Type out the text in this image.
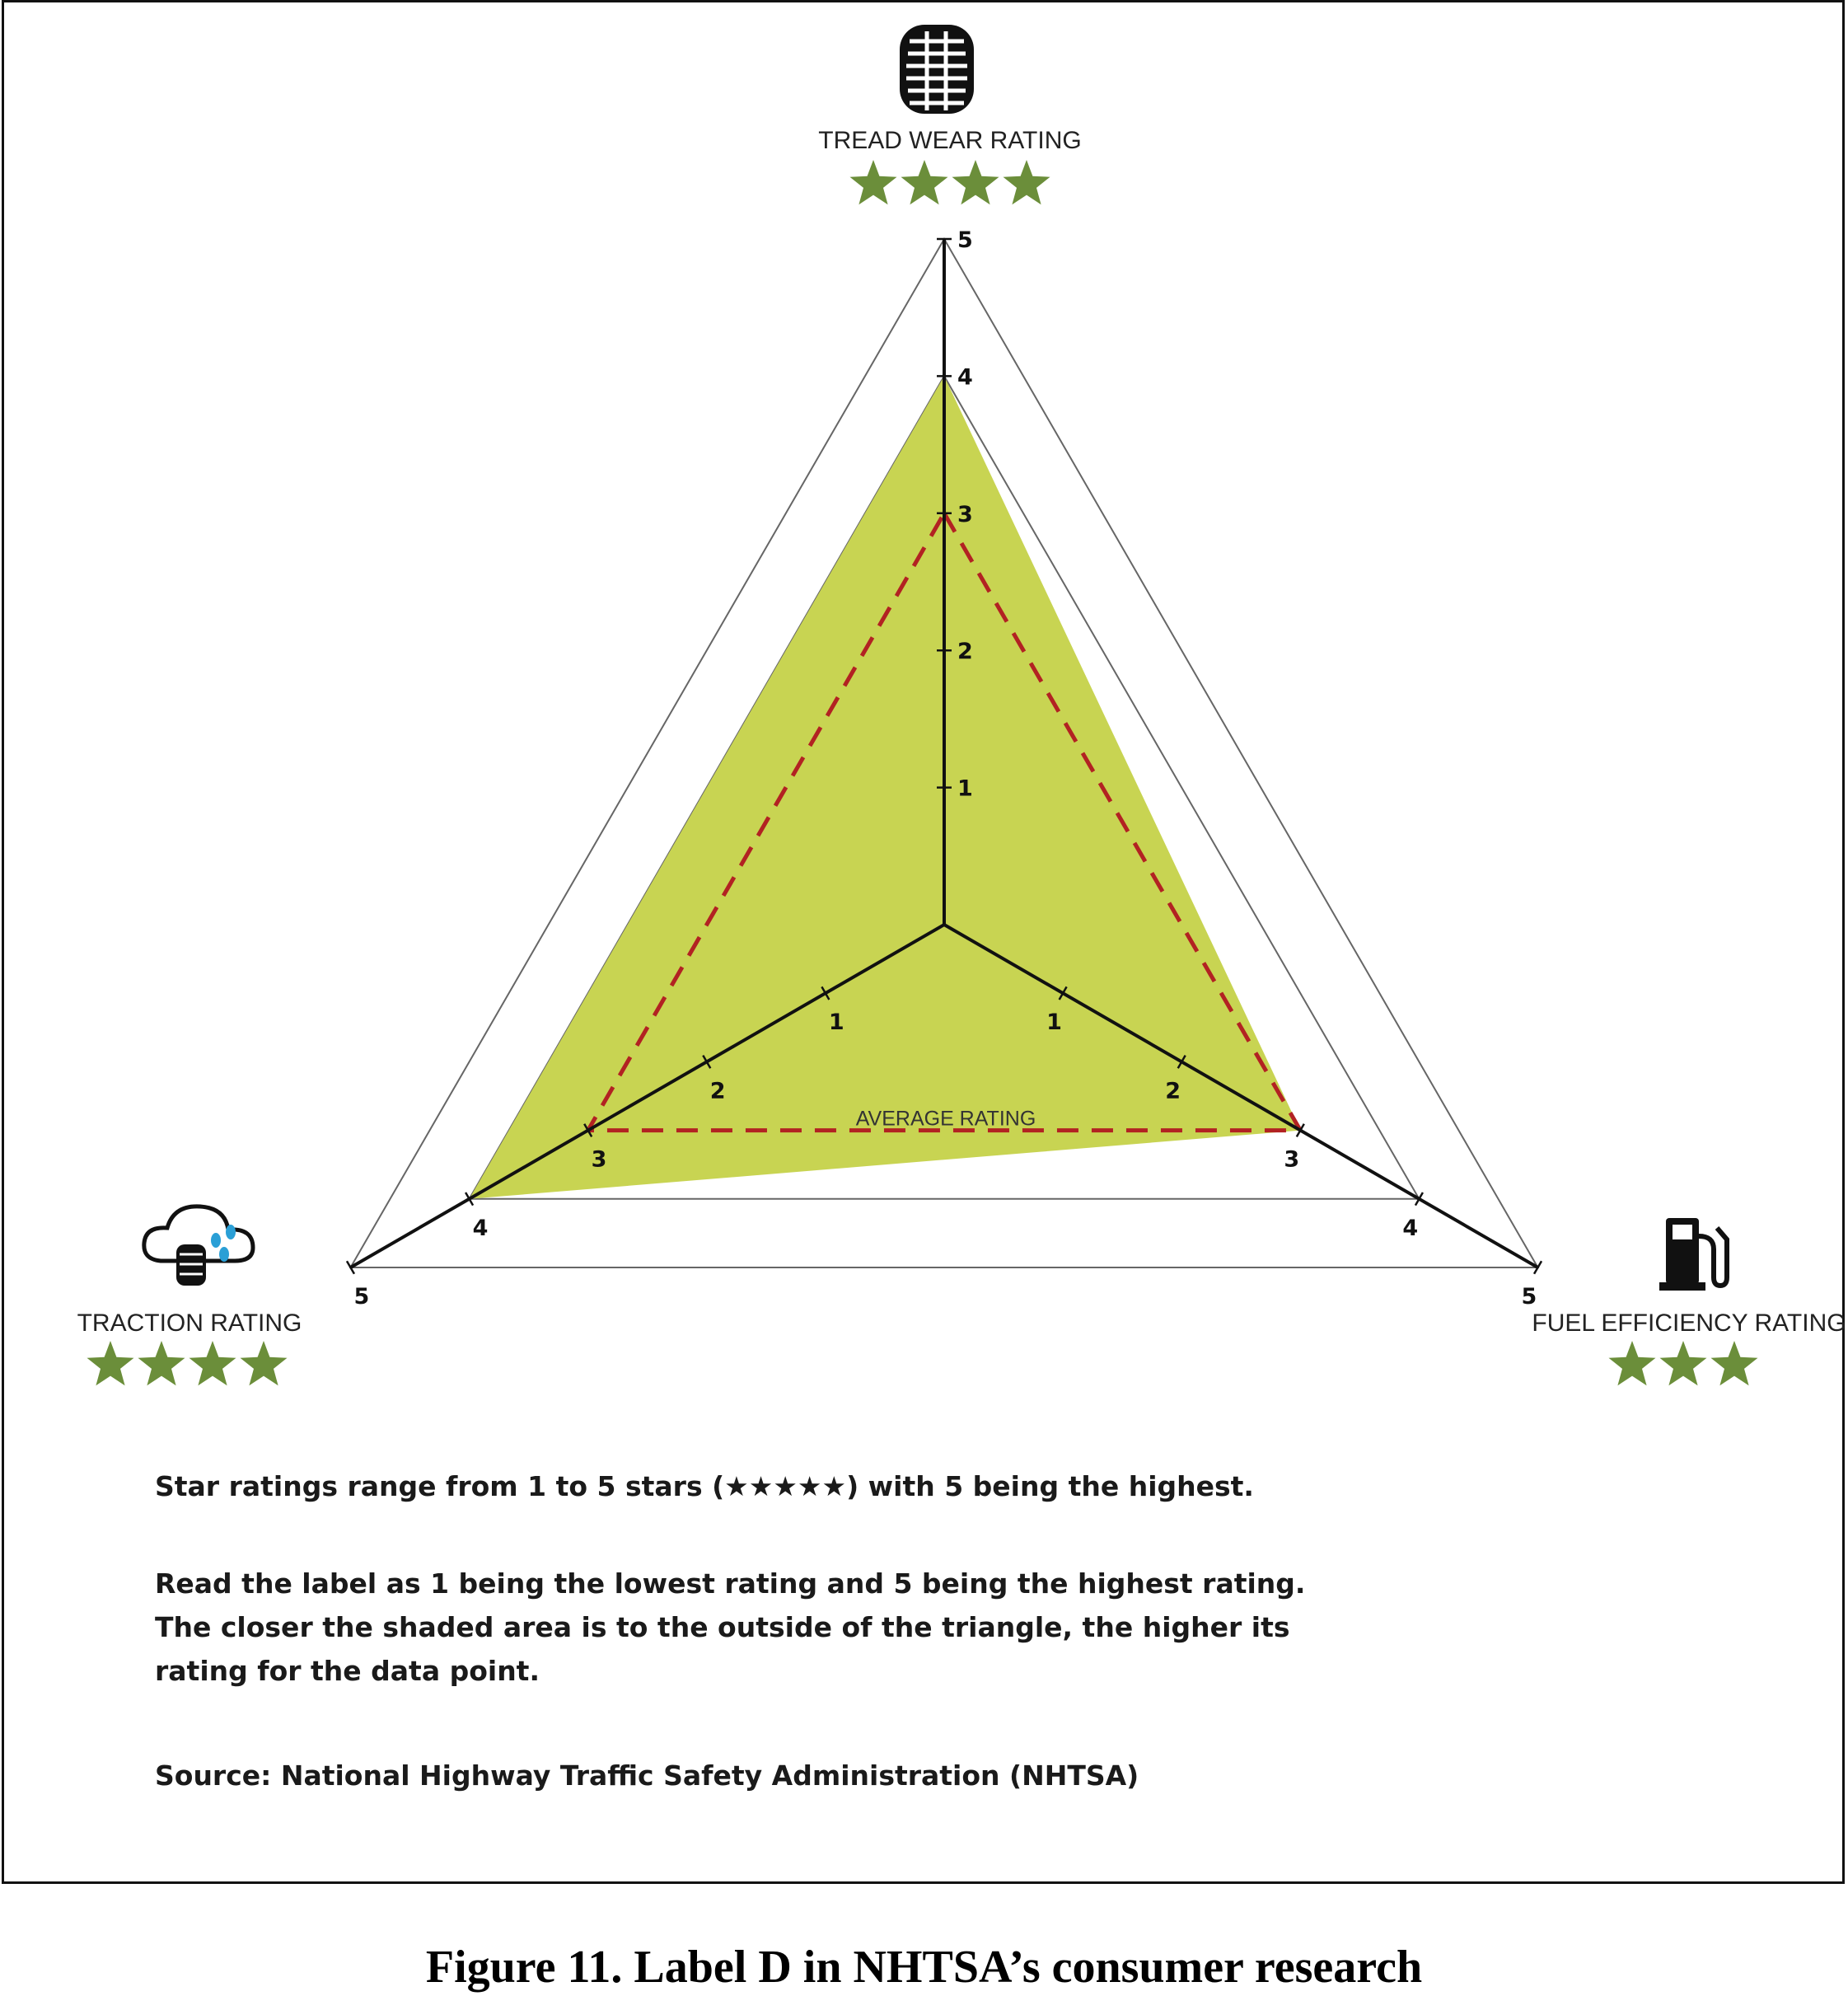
1
1
1
2
2
2
3
3
3
4
4
4
5
5
5
AVERAGE RATING
TREAD WEAR RATING
TRACTION RATING	FUEL EFFICIENCY RATING
Star ratings range from 1 to 5 stars (★★★★★) with 5 being the highest.
Read the label as 1 being the lowest rating and 5 being the highest rating.
The closer the shaded area is to the outside of the triangle, the higher its
rating for the data point.
Source: National Highway Traffic Safety Administration (NHTSA)
Figure 11. Label D in NHTSA’s consumer research
